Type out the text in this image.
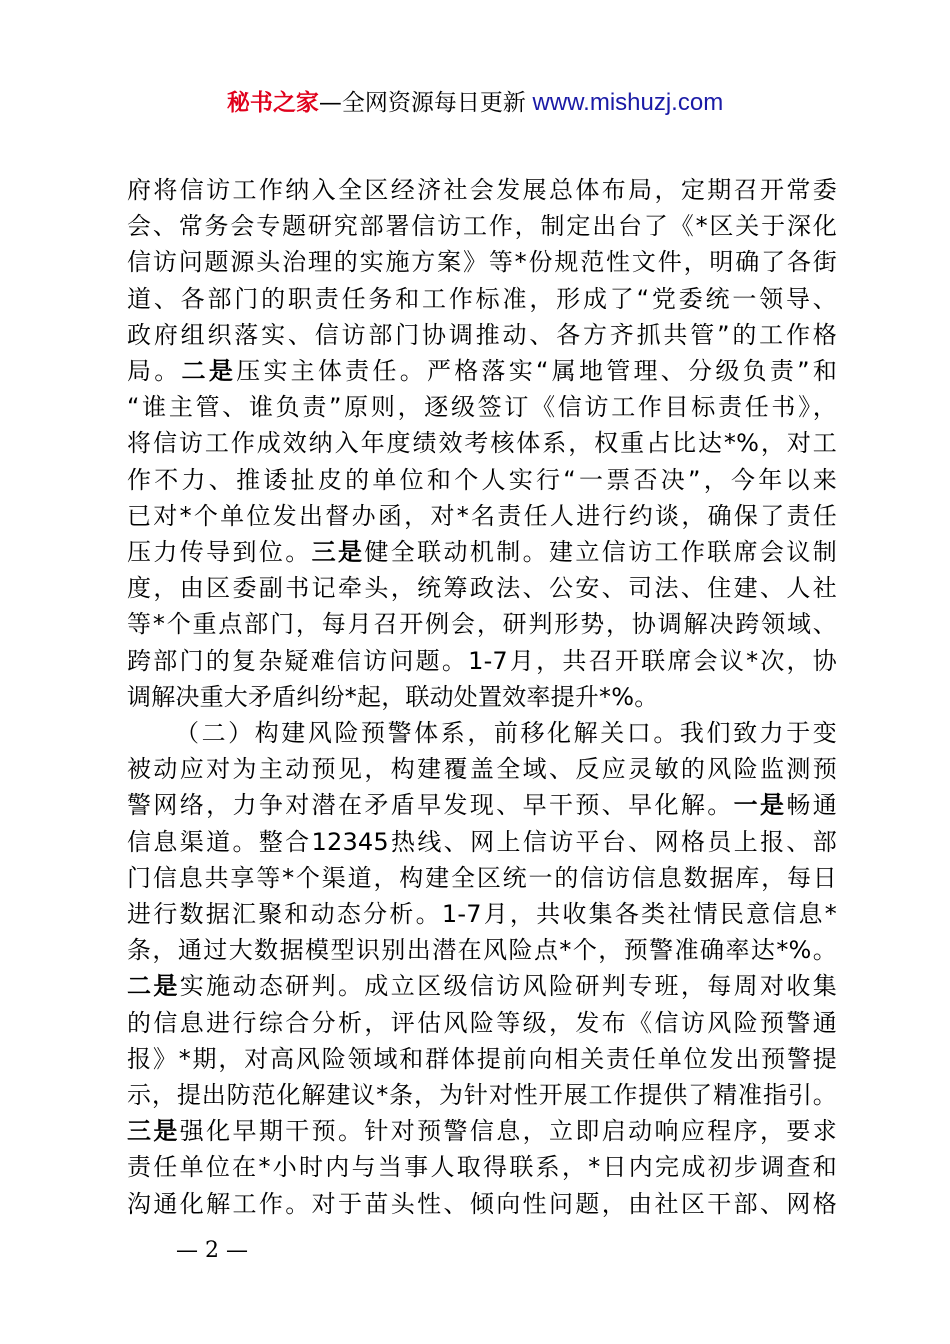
秘书之家—全网资源每日更新 www.mishuzj.com
府将信访工作纳入全区经济社会发展总体布局，定期召开常委
会、常务会专题研究部署信访工作，制定出台了《*区关于深化
信访问题源头治理的实施方案》等*份规范性文件，明确了各街
道、各部门的职责任务和工作标准，形成了“党委统一领导、
政府组织落实、信访部门协调推动、各方齐抓共管”的工作格
局。二是压实主体责任。严格落实“属地管理、分级负责”和
“谁主管、谁负责”原则，逐级签订《信访工作目标责任书》，
将信访工作成效纳入年度绩效考核体系，权重占比达*%，对工
作不力、推诿扯皮的单位和个人实行“一票否决”，今年以来
已对*个单位发出督办函，对*名责任人进行约谈，确保了责任
压力传导到位。三是健全联动机制。建立信访工作联席会议制
度，由区委副书记牵头，统筹政法、公安、司法、住建、人社
等*个重点部门，每月召开例会，研判形势，协调解决跨领域、
跨部门的复杂疑难信访问题。1-7月，共召开联席会议*次，协
调解决重大矛盾纠纷*起，联动处置效率提升*%。
（二）构建风险预警体系，前移化解关口。我们致力于变
被动应对为主动预见，构建覆盖全域、反应灵敏的风险监测预
警网络，力争对潜在矛盾早发现、早干预、早化解。一是畅通
信息渠道。整合12345热线、网上信访平台、网格员上报、部
门信息共享等*个渠道，构建全区统一的信访信息数据库，每日
进行数据汇聚和动态分析。1-7月，共收集各类社情民意信息*
条，通过大数据模型识别出潜在风险点*个，预警准确率达*%。
二是实施动态研判。成立区级信访风险研判专班，每周对收集
的信息进行综合分析，评估风险等级，发布《信访风险预警通
报》*期，对高风险领域和群体提前向相关责任单位发出预警提
示，提出防范化解建议*条，为针对性开展工作提供了精准指引。
三是强化早期干预。针对预警信息，立即启动响应程序，要求
责任单位在*小时内与当事人取得联系，*日内完成初步调查和
沟通化解工作。对于苗头性、倾向性问题，由社区干部、网格
— 2 —
